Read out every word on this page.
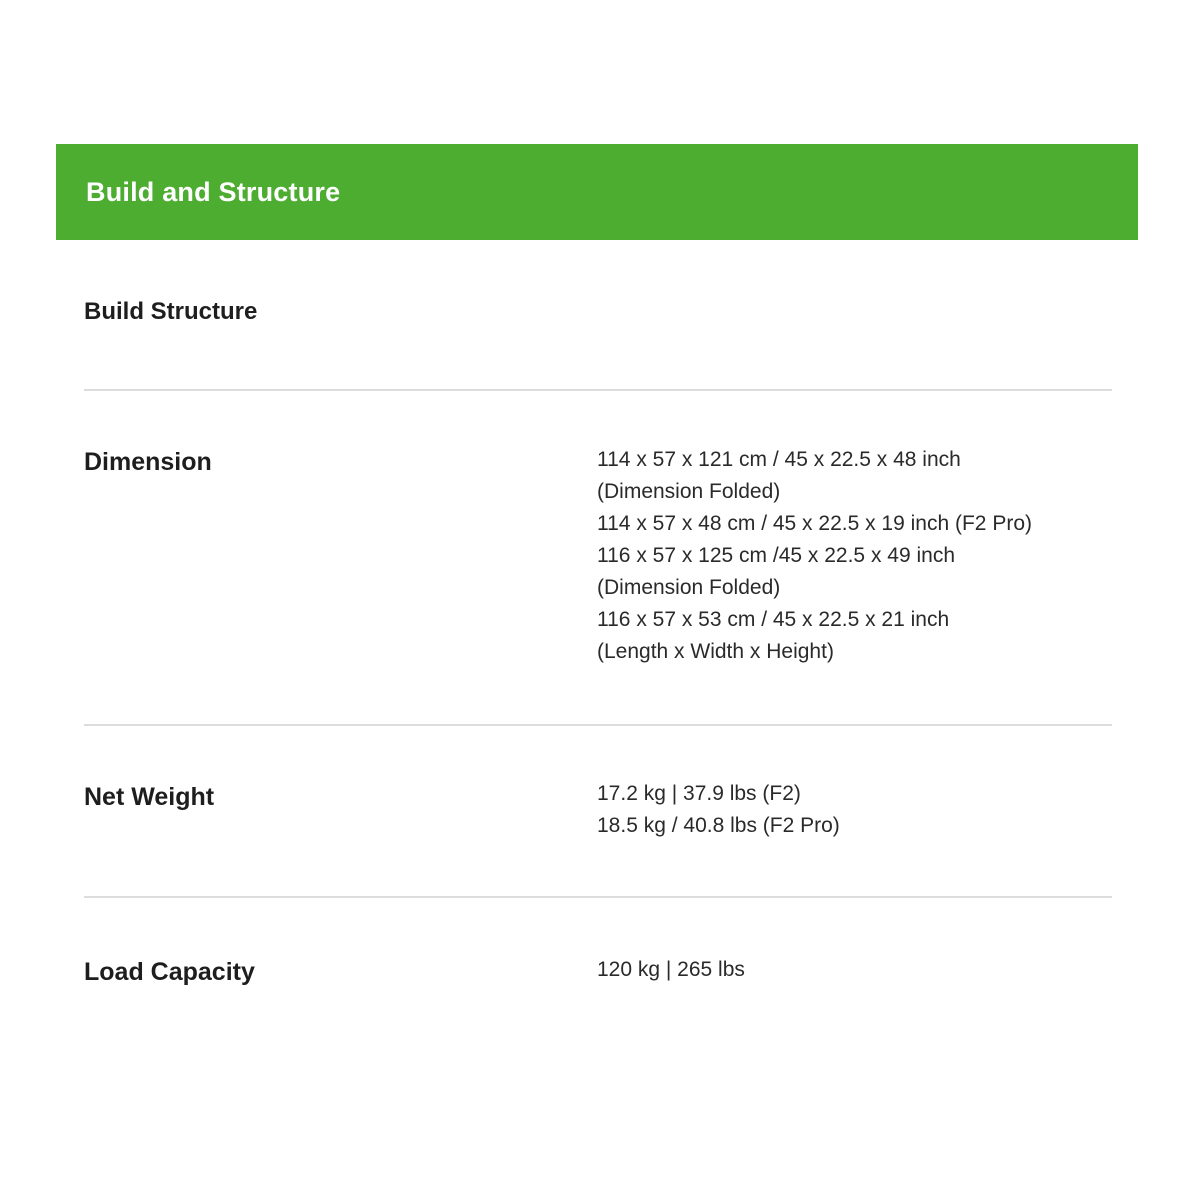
Build and Structure
Build Structure
Dimension	114 x 57 x 121 cm / 45 x 22.5 x 48 inch
(Dimension Folded)
114 x 57 x 48 cm / 45 x 22.5 x 19 inch (F2 Pro)
116 x 57 x 125 cm /45 x 22.5 x 49 inch
(Dimension Folded)
116 x 57 x 53 cm / 45 x 22.5 x 21 inch
(Length x Width x Height)
Net Weight	17.2 kg | 37.9 lbs (F2)
18.5 kg / 40.8 lbs (F2 Pro)
Load Capacity	120 kg | 265 lbs
